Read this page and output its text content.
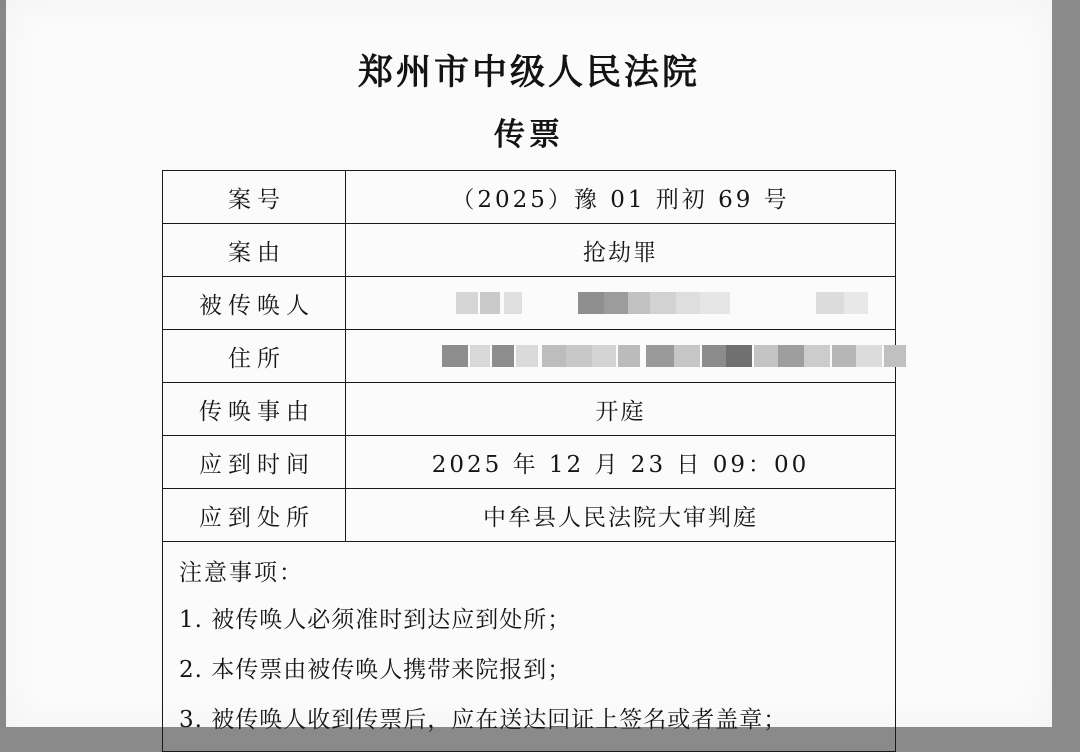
郑州市中级人民法院
传票
案号	（2025）豫 01 刑初 69 号
案由	抢劫罪
被传唤人	

住所	

传唤事由	开庭
应到时间	2025 年 12 月 23 日 09：00
应到处所	中牟县人民法院大审判庭
注意事项：
1. 被传唤人必须准时到达应到处所；
2. 本传票由被传唤人携带来院报到；
3. 被传唤人收到传票后，应在送达回证上签名或者盖章；
